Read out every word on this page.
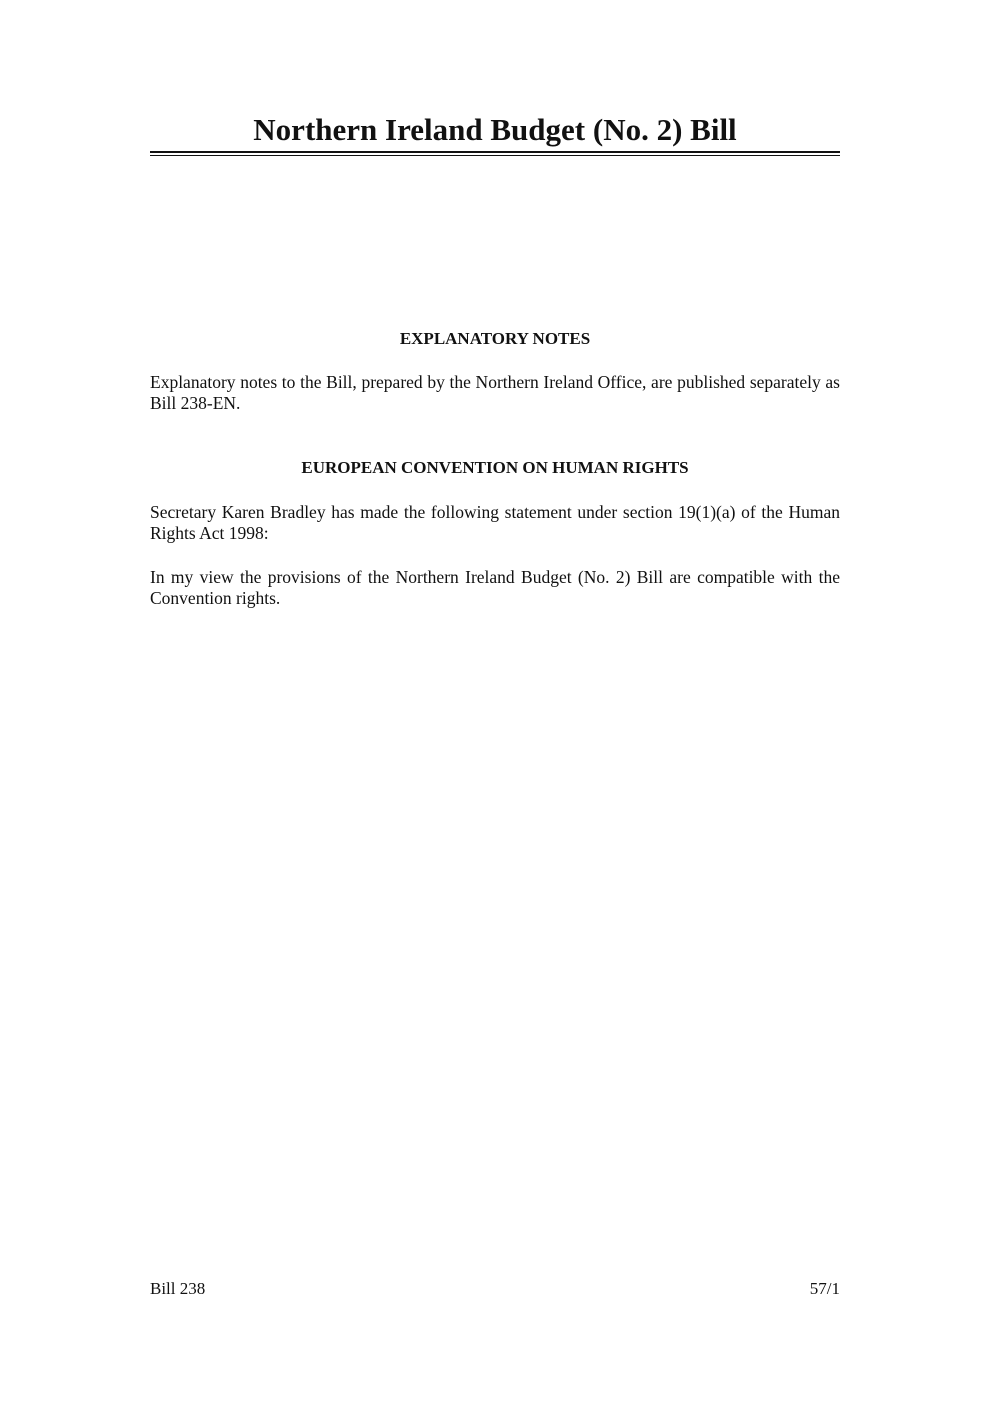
Northern Ireland Budget (No. 2) Bill
EXPLANATORY NOTES

Explanatory notes to the Bill, prepared by the Northern Ireland Office, are published separately as Bill 238-EN.

EUROPEAN CONVENTION ON HUMAN RIGHTS

Secretary Karen Bradley has made the following statement under section 19(1)(a) of the Human Rights Act 1998:

In my view the provisions of the Northern Ireland Budget (No. 2) Bill are compatible with the Convention rights.

Bill 238	57/1
